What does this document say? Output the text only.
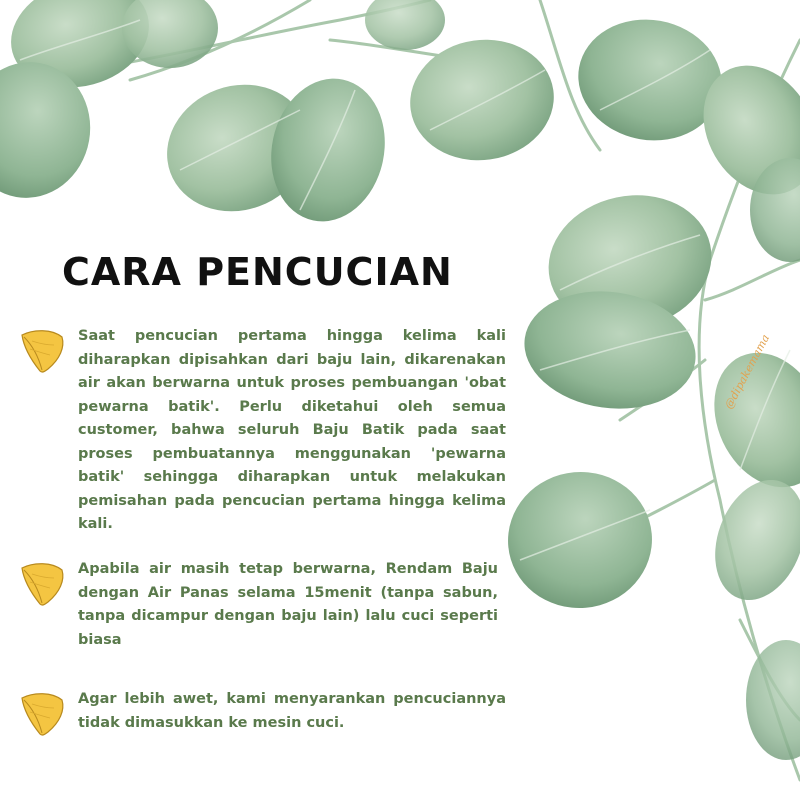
CARA PENCUCIAN

Saat pencucian pertama hingga kelima kali diharapkan dipisahkan dari baju lain, dikarenakan air akan berwarna untuk proses pembuangan 'obat pewarna batik'. Perlu diketahui oleh semua customer, bahwa seluruh Baju Batik pada saat proses pembuatannya menggunakan 'pewarna batik' sehingga diharapkan untuk melakukan pemisahan pada pencucian pertama hingga kelima kali.

Apabila air masih tetap berwarna, Rendam Baju dengan Air Panas selama 15menit (tanpa sabun, tanpa dicampur dengan baju lain) lalu cuci seperti biasa

Agar lebih awet, kami menyarankan pencuciannya tidak dimasukkan ke mesin cuci.

@dipakemama
